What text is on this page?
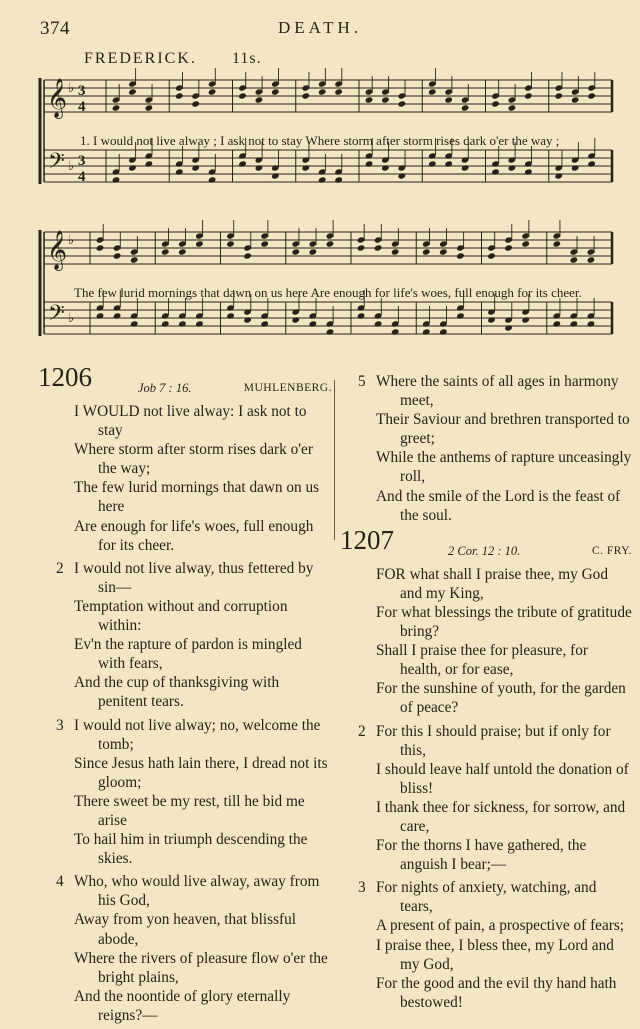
374	DEATH.
FREDERICK. 11s.
𝄞
𝄢
♭
♭
3
4
3
4
𝄞
𝄢
♭
♭
1. I would not live alway ; I ask not to stay Where storm after storm rises dark o'er the way ;
The few lurid mornings that dawn on us here Are enough for life's woes, full enough for its cheer.
1206	Job 7 : 16.	MUHLENBERG.
I WOULD not live alway: I ask not to stay
Where storm after storm rises dark o'er the way;
The few lurid mornings that dawn on us here
Are enough for life's woes, full enough for its cheer.
2 I would not live alway, thus fettered by sin—
Temptation without and corruption within:
Ev'n the rapture of pardon is mingled with fears,
And the cup of thanksgiving with penitent tears.
3 I would not live alway; no, welcome the tomb;
Since Jesus hath lain there, I dread not its gloom;
There sweet be my rest, till he bid me arise
To hail him in triumph descending the skies.
4 Who, who would live alway, away from his God,
Away from yon heaven, that blissful abode,
Where the rivers of pleasure flow o'er the bright plains,
And the noontide of glory eternally reigns?—
5 Where the saints of all ages in harmony meet,
Their Saviour and brethren transported to greet;
While the anthems of rapture unceasingly roll,
And the smile of the Lord is the feast of the soul.
1207	2 Cor. 12 : 10.	C. FRY.
FOR what shall I praise thee, my God and my King,
For what blessings the tribute of gratitude bring?
Shall I praise thee for pleasure, for health, or for ease,
For the sunshine of youth, for the garden of peace?
2 For this I should praise; but if only for this,
I should leave half untold the donation of bliss!
I thank thee for sickness, for sorrow, and care,
For the thorns I have gathered, the anguish I bear;—
3 For nights of anxiety, watching, and tears,
A present of pain, a prospective of fears;
I praise thee, I bless thee, my Lord and my God,
For the good and the evil thy hand hath bestowed!
